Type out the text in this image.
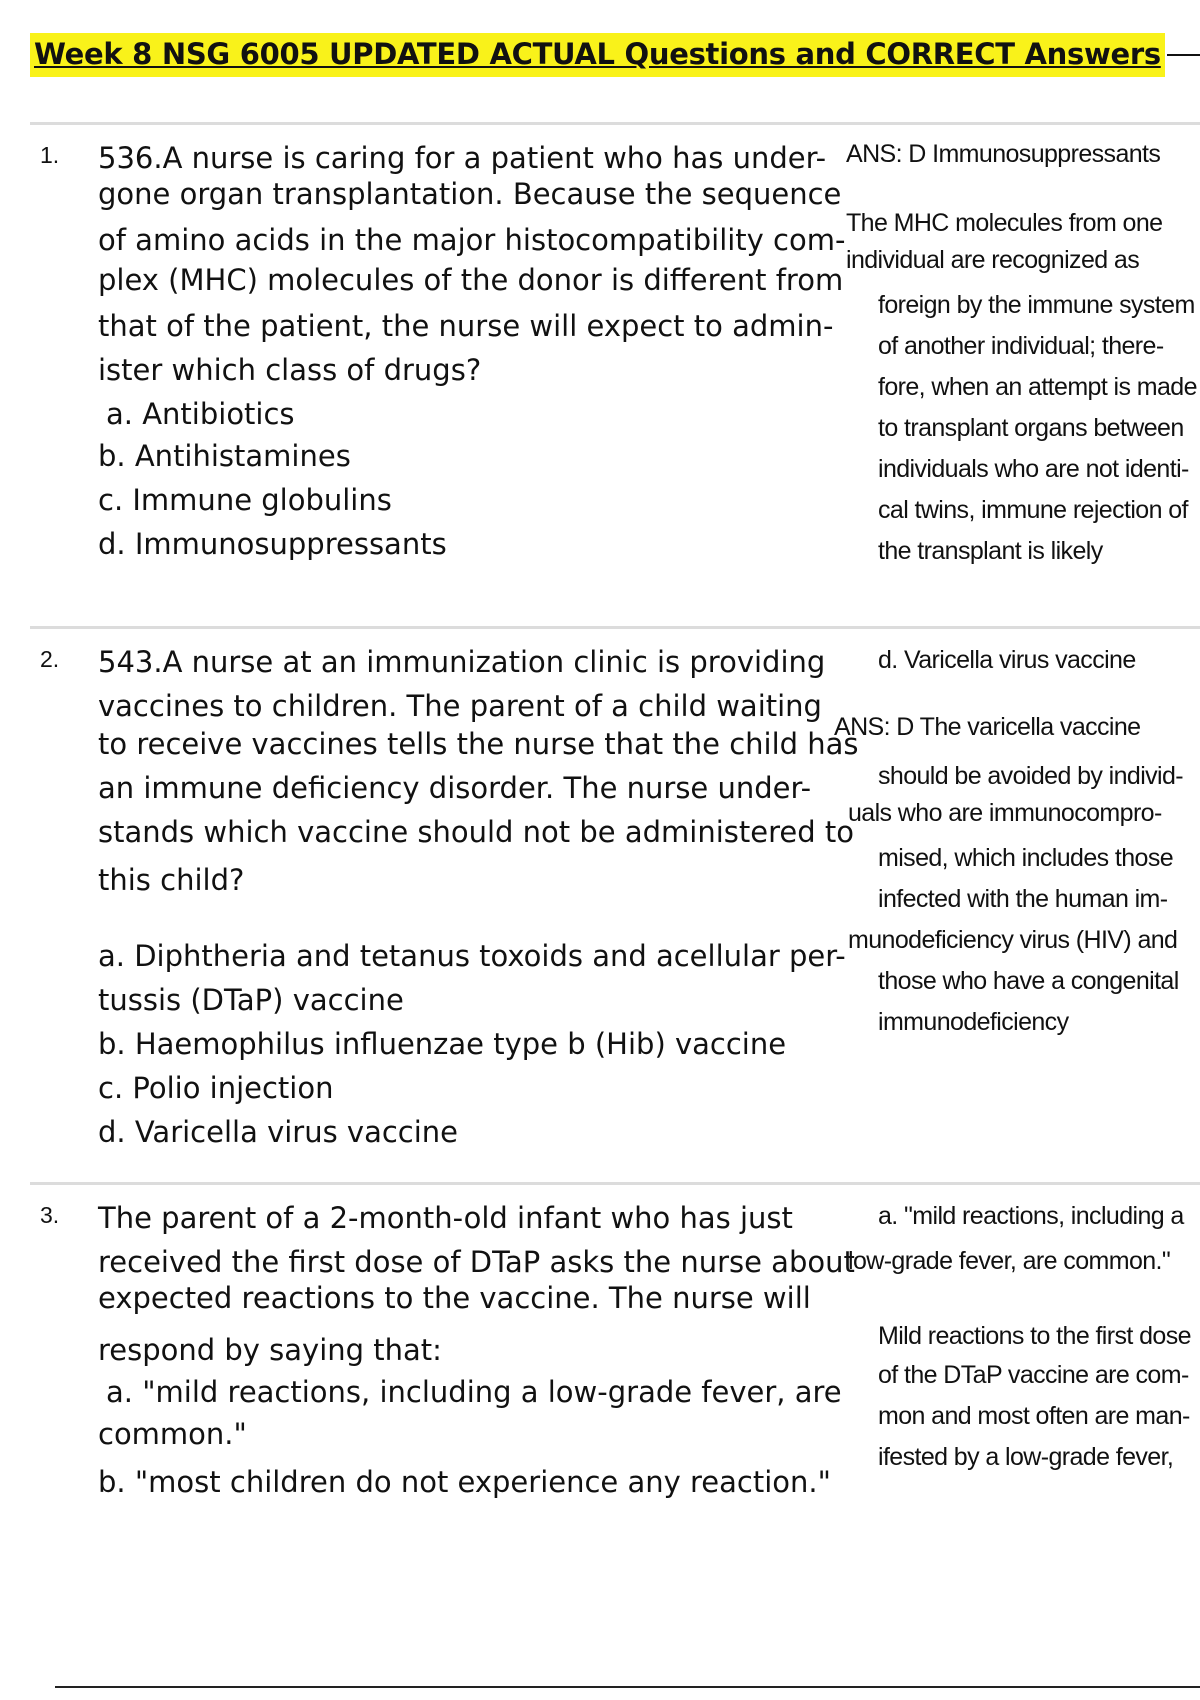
Week 8 NSG 6005 UPDATED ACTUAL Questions and CORRECT Answers
1. 536.A nurse is caring for a patient who has under-

gone organ transplantation. Because the sequence

of amino acids in the major histocompatibility com-

plex (MHC) molecules of the donor is different from

that of the patient, the nurse will expect to admin-

ister which class of drugs?

a. Antibiotics

b. Antihistamines

c. Immune globulins

d. Immunosuppressants

ANS: D Immunosuppressants

The MHC molecules from one

individual are recognized as

foreign by the immune system

of another individual; there-

fore, when an attempt is made

to transplant organs between

individuals who are not identi-

cal twins, immune rejection of

the transplant is likely

2. 543.A nurse at an immunization clinic is providing

vaccines to children. The parent of a child waiting

to receive vaccines tells the nurse that the child has

an immune deficiency disorder. The nurse under-

stands which vaccine should not be administered to

this child?

a. Diphtheria and tetanus toxoids and acellular per-

tussis (DTaP) vaccine

b. Haemophilus influenzae type b (Hib) vaccine

c. Polio injection

d. Varicella virus vaccine

d. Varicella virus vaccine

ANS: D The varicella vaccine

should be avoided by individ-

uals who are immunocompro-

mised, which includes those

infected with the human im-

munodeficiency virus (HIV) and

those who have a congenital

immunodeficiency

3. The parent of a 2-month-old infant who has just

received the first dose of DTaP asks the nurse about

expected reactions to the vaccine. The nurse will

respond by saying that:

a. "mild reactions, including a low-grade fever, are

common."

b. "most children do not experience any reaction."

a. "mild reactions, including a

low-grade fever, are common."

Mild reactions to the first dose

of the DTaP vaccine are com-

mon and most often are man-

ifested by a low-grade fever,
